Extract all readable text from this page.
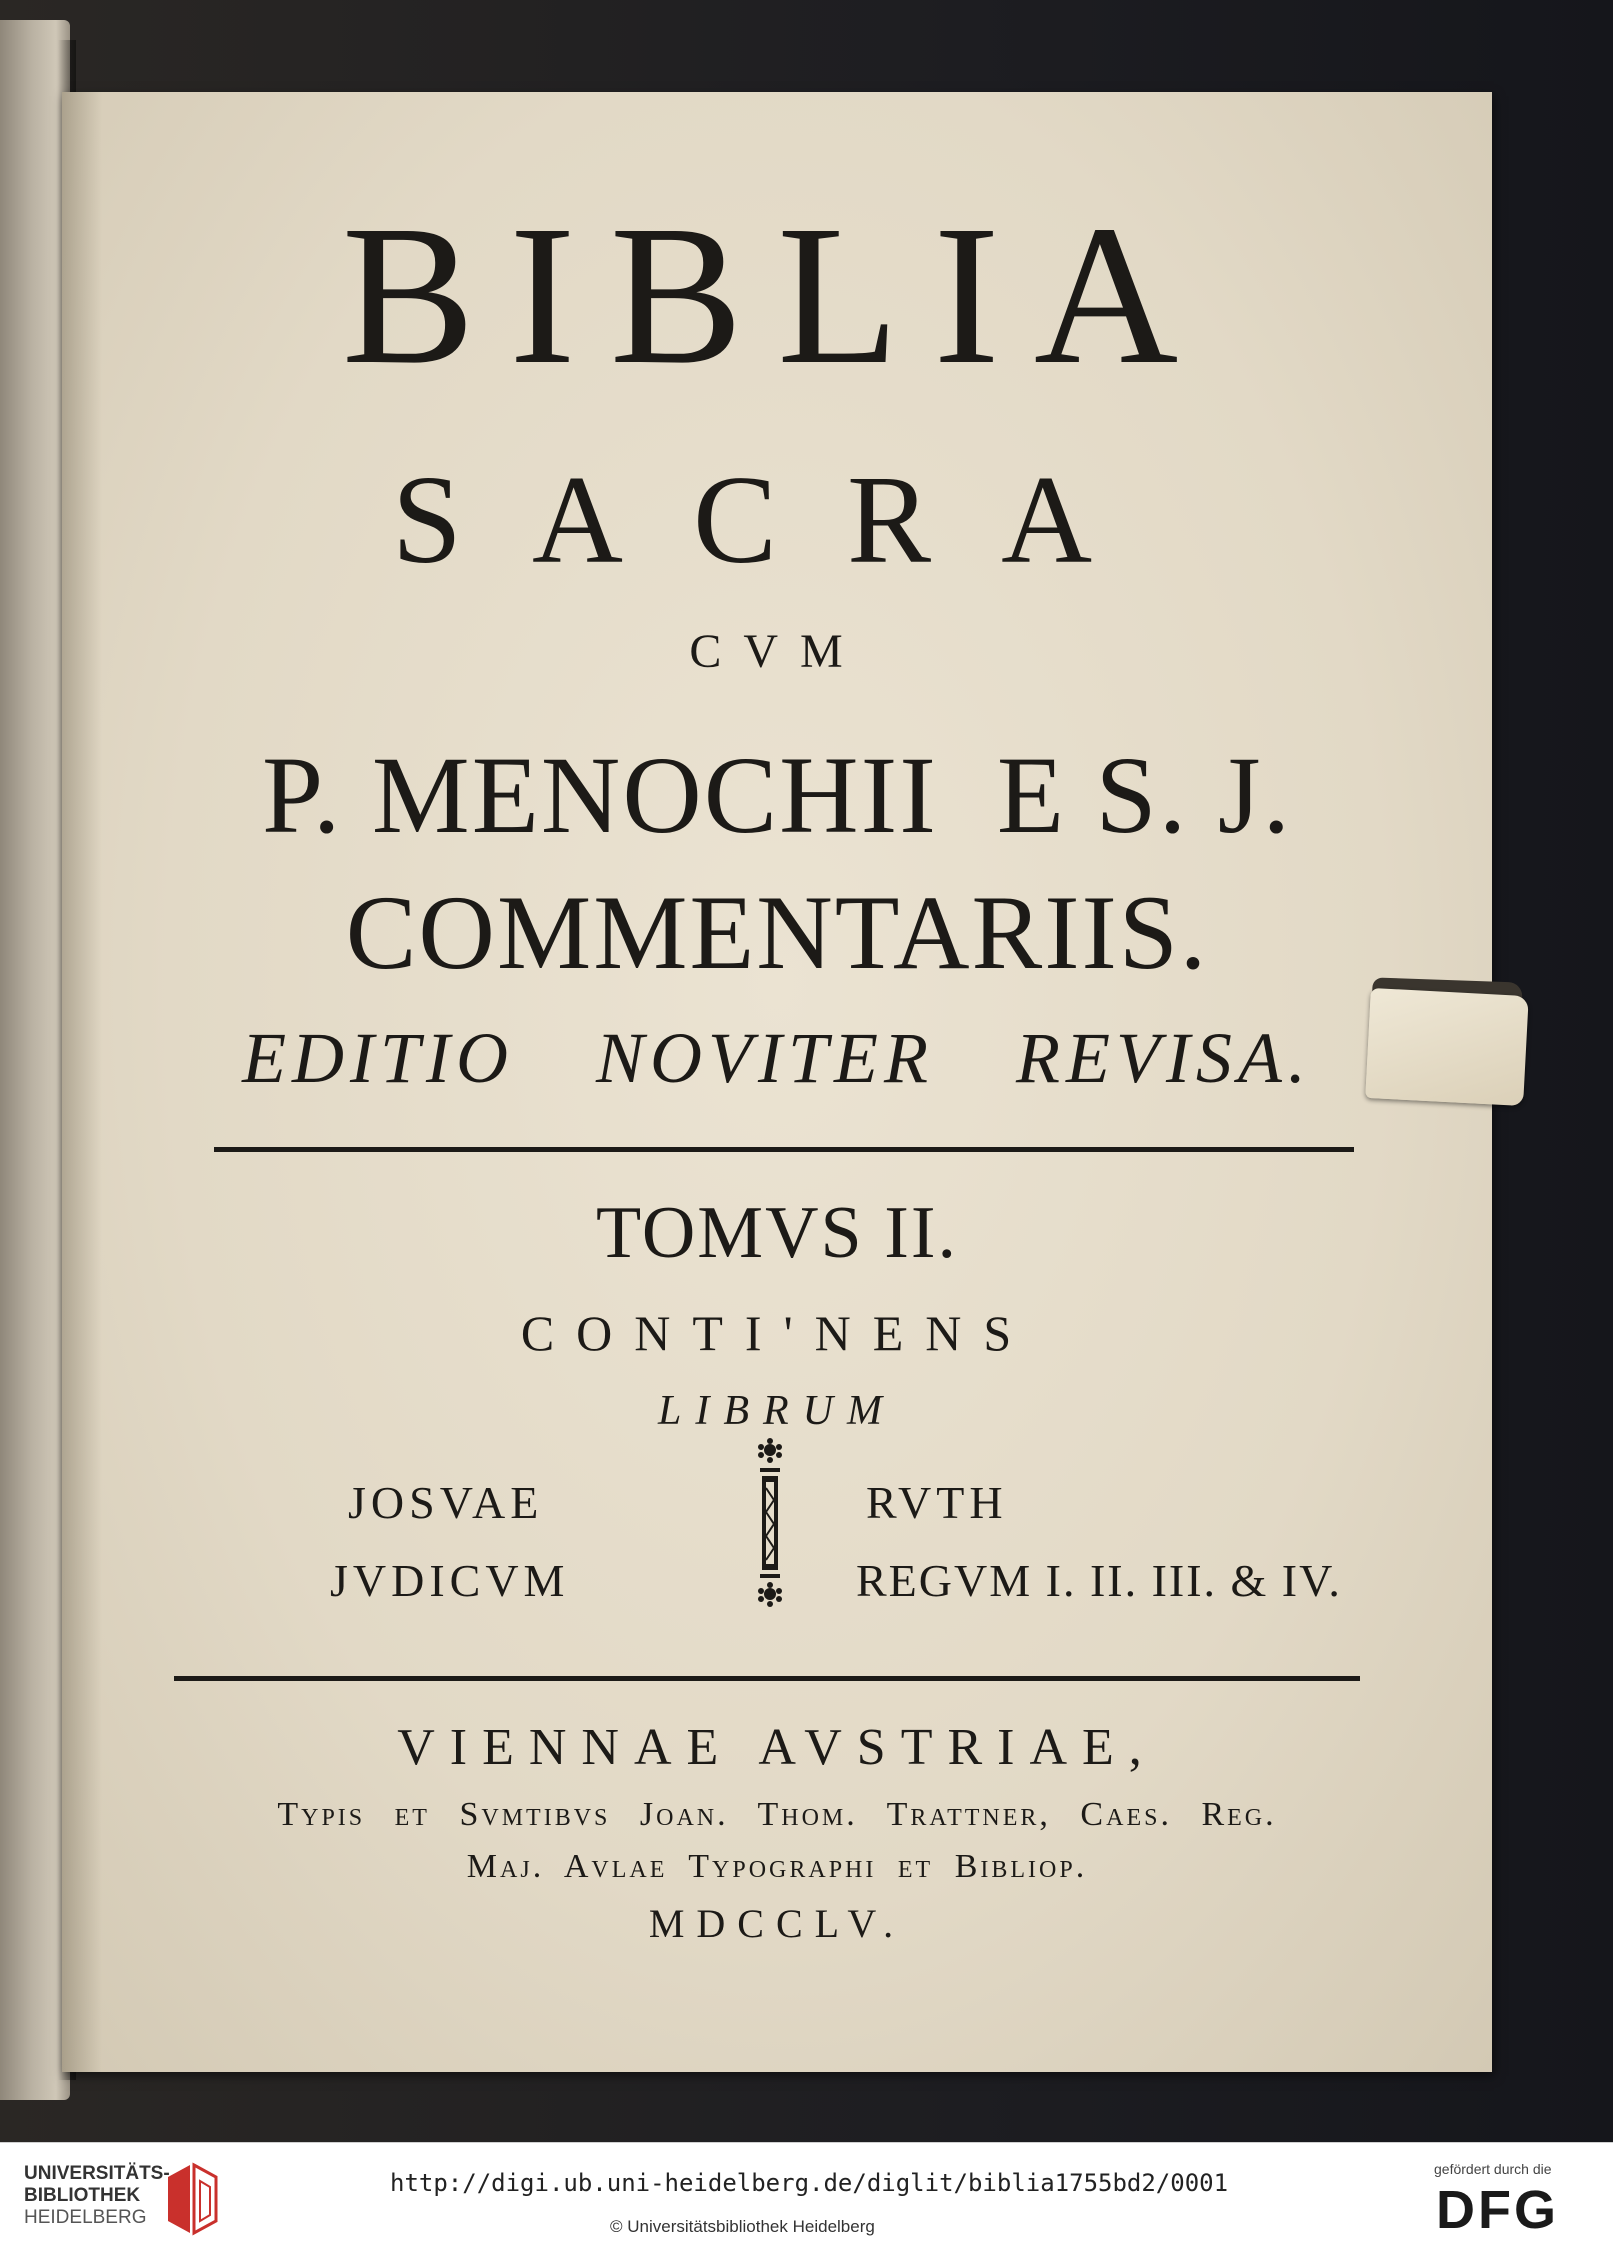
BIBLIA
SACRA
CVM
P. MENOCHII  E S. J.
COMMENTARIIS.
EDITIO NOVITER REVISA.
TOMVS II.
CONTI'NENS
LIBRUM
JOSVAE
JVDICVM
RVTH
REGVM I. II. III. & IV.
VIENNAE AVSTRIAE,
Typis et Svmtibvs Joan. Thom. Trattner, Caes. Reg.
Maj. Avlae Typographi et Bibliop.
MDCCLV.
UNIVERSITÄTS-
BIBLIOTHEK
HEIDELBERG
http://digi.ub.uni-heidelberg.de/diglit/biblia1755bd2/0001
© Universitätsbibliothek Heidelberg
gefördert durch die
DFG
